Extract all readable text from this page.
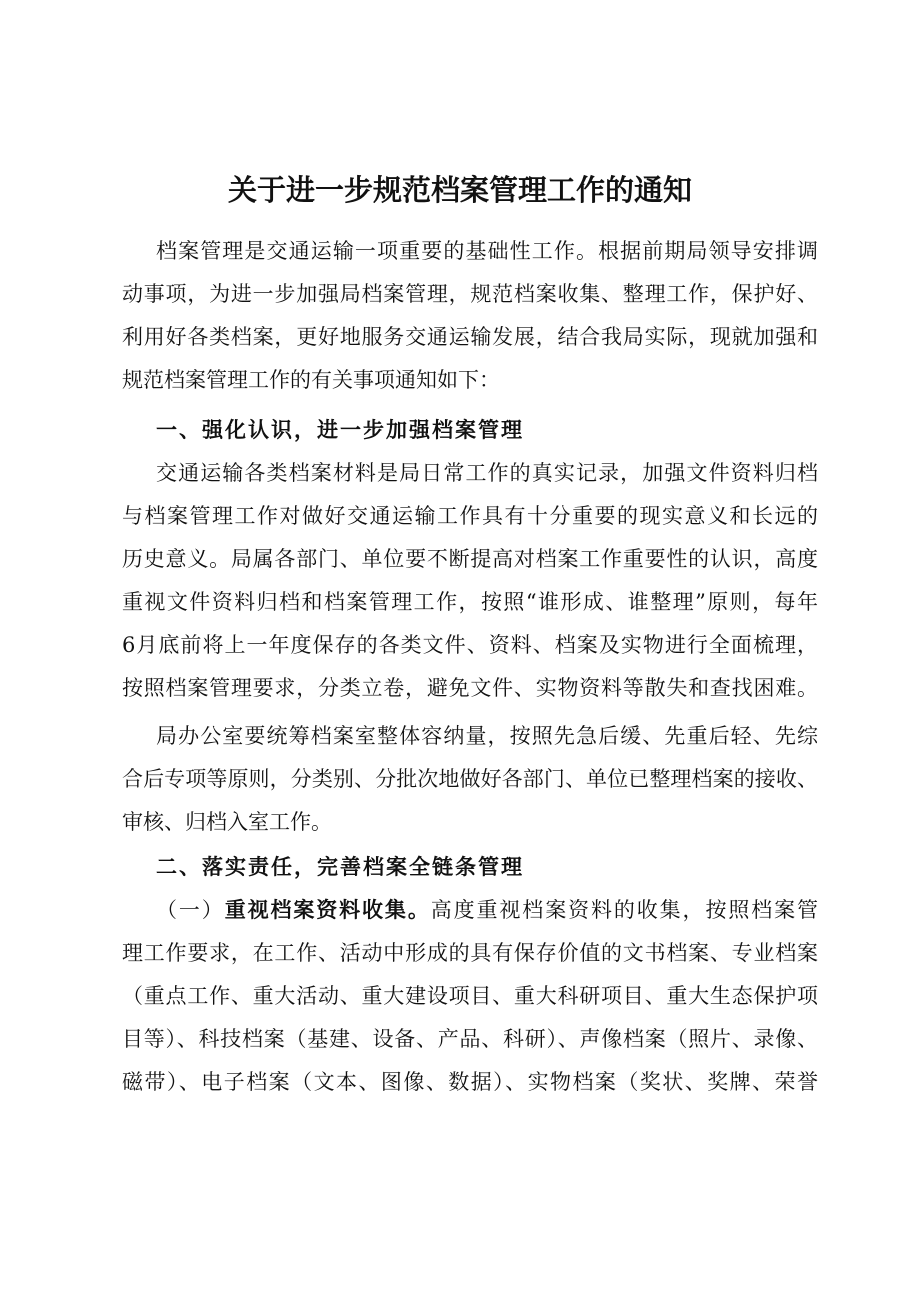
关于进一步规范档案管理工作的通知
档案管理是交通运输一项重要的基础性工作。根据前期局领导安排调
动事项，为进一步加强局档案管理，规范档案收集、整理工作，保护好、
利用好各类档案，更好地服务交通运输发展，结合我局实际，现就加强和
规范档案管理工作的有关事项通知如下：
一、强化认识，进一步加强档案管理
交通运输各类档案材料是局日常工作的真实记录，加强文件资料归档
与档案管理工作对做好交通运输工作具有十分重要的现实意义和长远的
历史意义。局属各部门、单位要不断提高对档案工作重要性的认识，高度
重视文件资料归档和档案管理工作，按照“谁形成、谁整理”原则，每年
6月底前将上一年度保存的各类文件、资料、档案及实物进行全面梳理，
按照档案管理要求，分类立卷，避免文件、实物资料等散失和查找困难。
局办公室要统筹档案室整体容纳量，按照先急后缓、先重后轻、先综
合后专项等原则，分类别、分批次地做好各部门、单位已整理档案的接收、
审核、归档入室工作。
二、落实责任，完善档案全链条管理
（一）重视档案资料收集。高度重视档案资料的收集，按照档案管
理工作要求，在工作、活动中形成的具有保存价值的文书档案、专业档案
（重点工作、重大活动、重大建设项目、重大科研项目、重大生态保护项
目等）、科技档案（基建、设备、产品、科研）、声像档案（照片、录像、
磁带）、电子档案（文本、图像、数据）、实物档案（奖状、奖牌、荣誉
